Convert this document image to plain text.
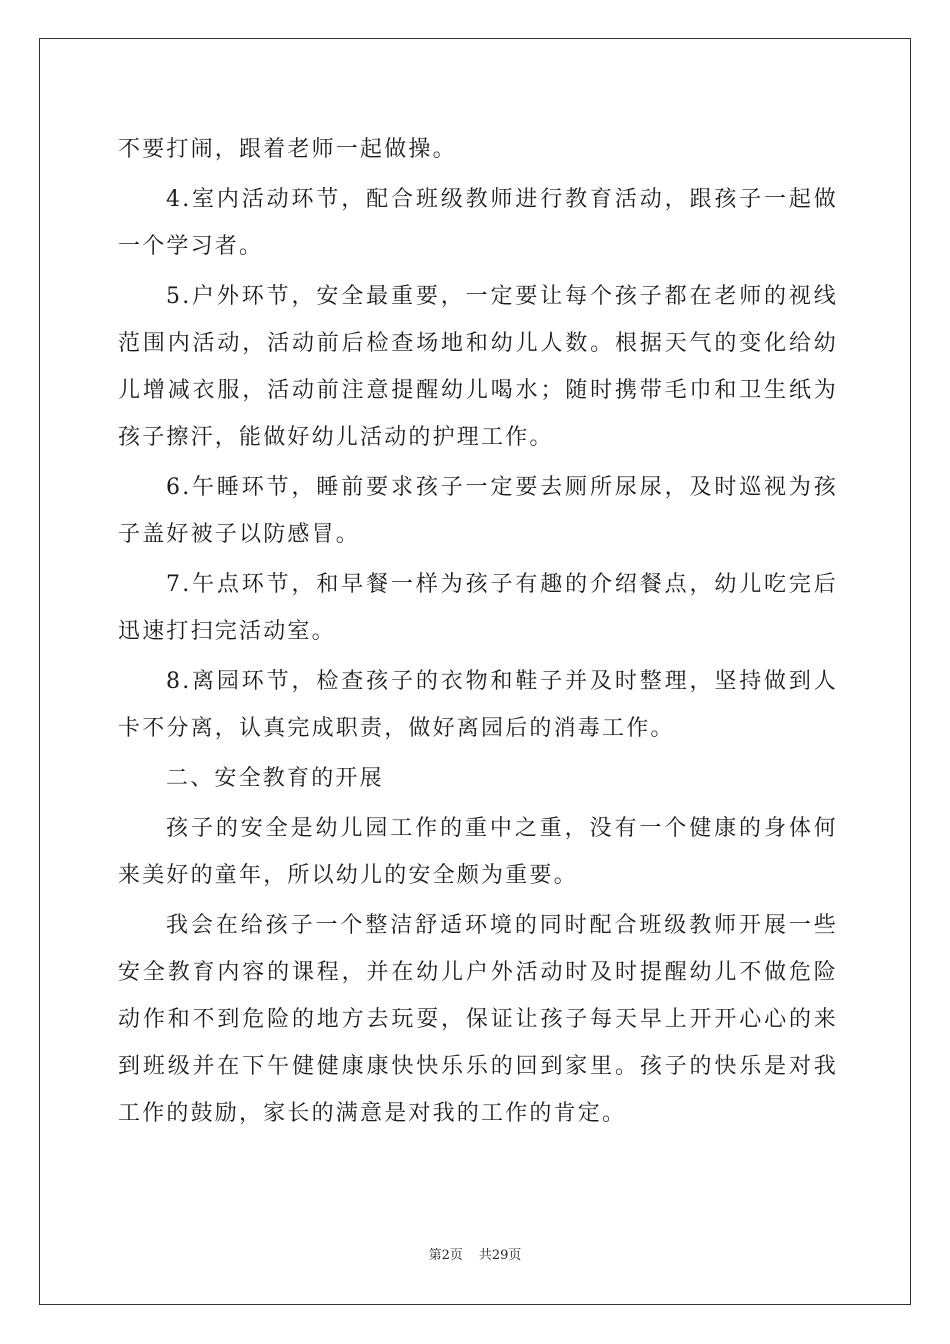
不要打闹，跟着老师一起做操。

4.室内活动环节，配合班级教师进行教育活动，跟孩子一起做一个学习者。

5.户外环节，安全最重要，一定要让每个孩子都在老师的视线范围内活动，活动前后检查场地和幼儿人数。根据天气的变化给幼儿增减衣服，活动前注意提醒幼儿喝水；随时携带毛巾和卫生纸为孩子擦汗，能做好幼儿活动的护理工作。

6.午睡环节，睡前要求孩子一定要去厕所尿尿，及时巡视为孩子盖好被子以防感冒。

7.午点环节，和早餐一样为孩子有趣的介绍餐点，幼儿吃完后迅速打扫完活动室。

8.离园环节，检查孩子的衣物和鞋子并及时整理，坚持做到人卡不分离，认真完成职责，做好离园后的消毒工作。

二、安全教育的开展

孩子的安全是幼儿园工作的重中之重，没有一个健康的身体何来美好的童年，所以幼儿的安全颇为重要。

我会在给孩子一个整洁舒适环境的同时配合班级教师开展一些安全教育内容的课程，并在幼儿户外活动时及时提醒幼儿不做危险动作和不到危险的地方去玩耍，保证让孩子每天早上开开心心的来到班级并在下午健健康康快快乐乐的回到家里。孩子的快乐是对我工作的鼓励，家长的满意是对我的工作的肯定。

第2页 共29页
